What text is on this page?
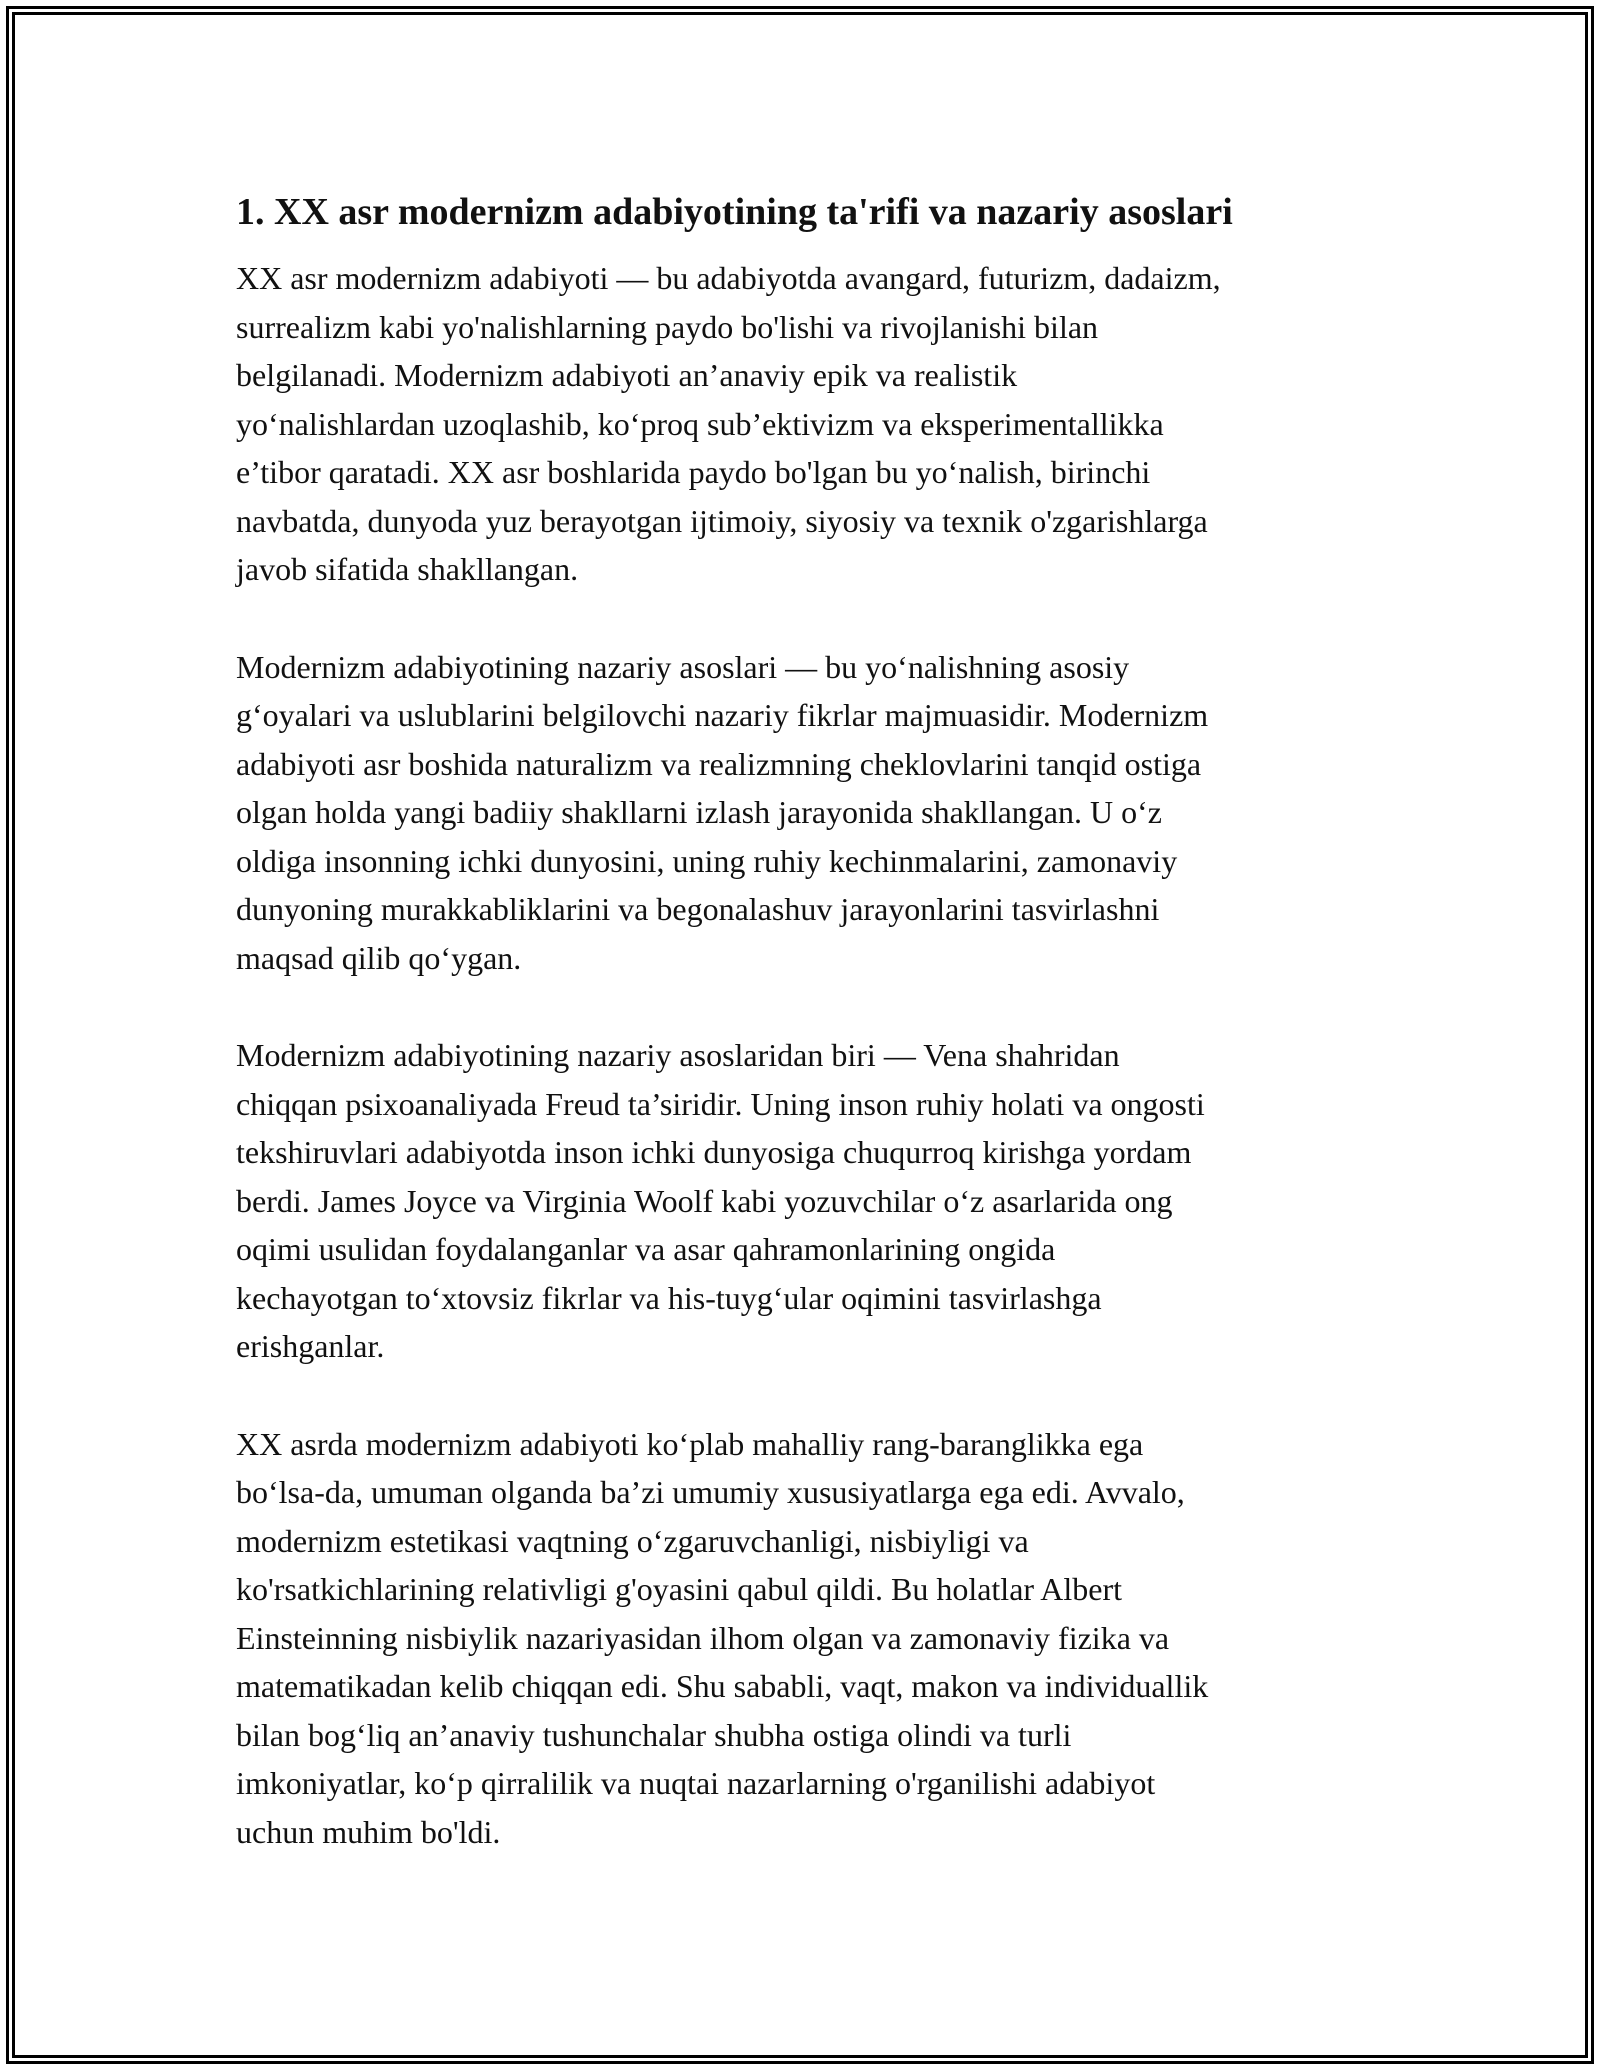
1. XX asr modernizm adabiyotining ta'rifi va nazariy asoslari

XX asr modernizm adabiyoti — bu adabiyotda avangard, futurizm, dadaizm,
surrealizm kabi yo'nalishlarning paydo bo'lishi va rivojlanishi bilan
belgilanadi. Modernizm adabiyoti an’anaviy epik va realistik
yo‘nalishlardan uzoqlashib, ko‘proq sub’ektivizm va eksperimentallikka
e’tibor qaratadi. XX asr boshlarida paydo bo'lgan bu yo‘nalish, birinchi
navbatda, dunyoda yuz berayotgan ijtimoiy, siyosiy va texnik o'zgarishlarga
javob sifatida shakllangan.

Modernizm adabiyotining nazariy asoslari — bu yo‘nalishning asosiy
g‘oyalari va uslublarini belgilovchi nazariy fikrlar majmuasidir. Modernizm
adabiyoti asr boshida naturalizm va realizmning cheklovlarini tanqid ostiga
olgan holda yangi badiiy shakllarni izlash jarayonida shakllangan. U o‘z
oldiga insonning ichki dunyosini, uning ruhiy kechinmalarini, zamonaviy
dunyoning murakkabliklarini va begonalashuv jarayonlarini tasvirlashni
maqsad qilib qo‘ygan.

Modernizm adabiyotining nazariy asoslaridan biri — Vena shahridan
chiqqan psixoanaliyada Freud ta’siridir. Uning inson ruhiy holati va ongosti
tekshiruvlari adabiyotda inson ichki dunyosiga chuqurroq kirishga yordam
berdi. James Joyce va Virginia Woolf kabi yozuvchilar o‘z asarlarida ong
oqimi usulidan foydalanganlar va asar qahramonlarining ongida
kechayotgan to‘xtovsiz fikrlar va his-tuyg‘ular oqimini tasvirlashga
erishganlar.

XX asrda modernizm adabiyoti ko‘plab mahalliy rang-baranglikka ega
bo‘lsa-da, umuman olganda ba’zi umumiy xususiyatlarga ega edi. Avvalo,
modernizm estetikasi vaqtning o‘zgaruvchanligi, nisbiyligi va
ko'rsatkichlarining relativligi g'oyasini qabul qildi. Bu holatlar Albert
Einsteinning nisbiylik nazariyasidan ilhom olgan va zamonaviy fizika va
matematikadan kelib chiqqan edi. Shu sababli, vaqt, makon va individuallik
bilan bog‘liq an’anaviy tushunchalar shubha ostiga olindi va turli
imkoniyatlar, ko‘p qirralilik va nuqtai nazarlarning o'rganilishi adabiyot
uchun muhim bo'ldi.
